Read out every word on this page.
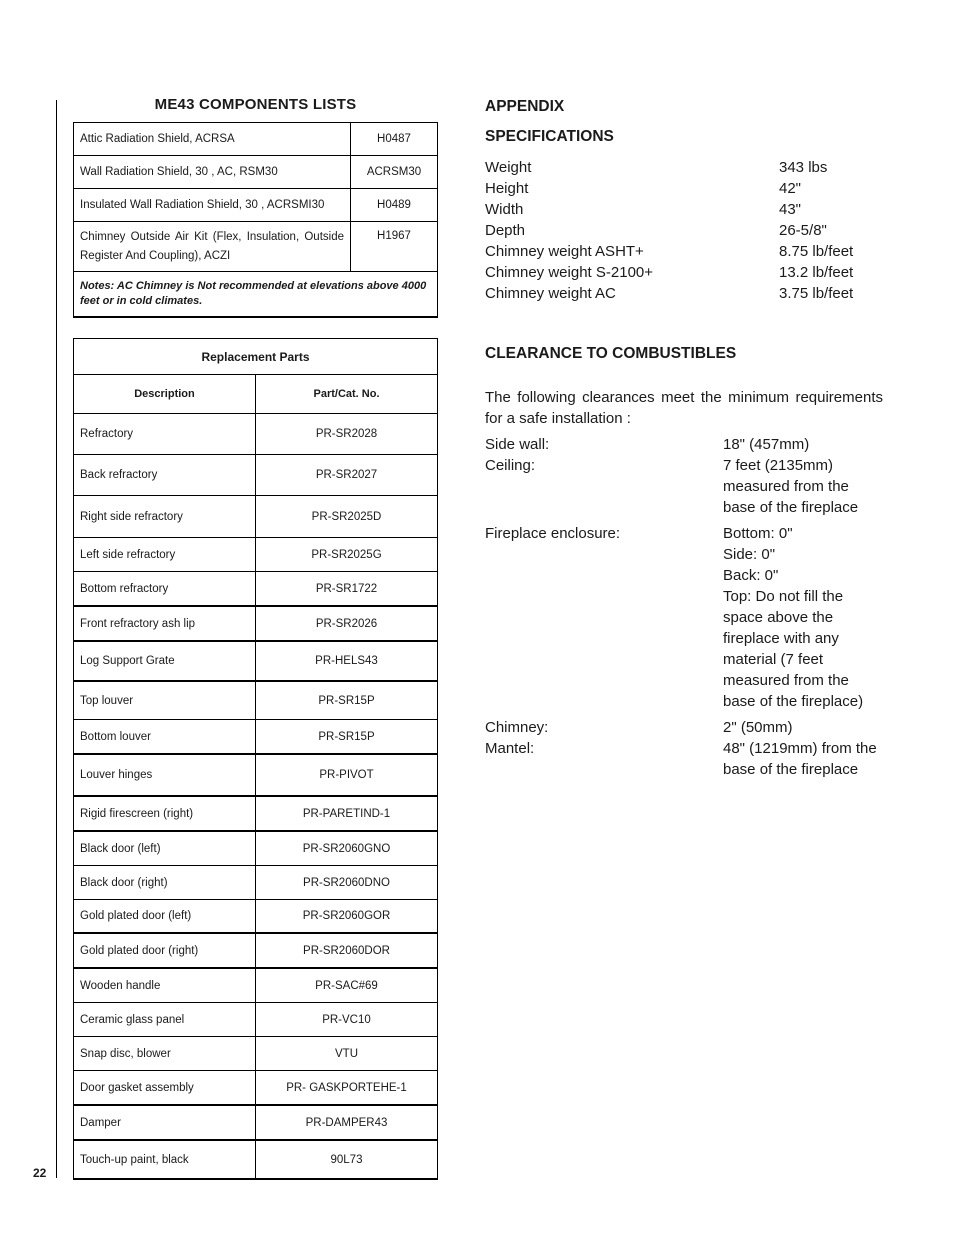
22
ME43 COMPONENTS LISTS
Attic Radiation Shield, ACRSA	H0487
Wall Radiation Shield, 30 , AC, RSM30	ACRSM30
Insulated Wall Radiation Shield, 30 , ACRSMI30	H0489
Chimney Outside Air Kit (Flex, Insulation, Outside Register And Coupling), ACZI	H1967
Notes: AC Chimney is Not recommended at elevations above 4000 feet or in cold climates.	
Replacement Parts	
Description	Part/Cat. No.
Refractory	PR-SR2028
Back refractory	PR-SR2027
Right side refractory	PR-SR2025D
Left side refractory	PR-SR2025G
Bottom refractory	PR-SR1722
Front refractory ash lip	PR-SR2026
Log Support Grate	PR-HELS43
Top louver	PR-SR15P
Bottom louver	PR-SR15P
Louver hinges	PR-PIVOT
Rigid firescreen (right)	PR-PARETIND-1
Black door (left)	PR-SR2060GNO
Black door (right)	PR-SR2060DNO
Gold plated door (left)	PR-SR2060GOR
Gold plated door (right)	PR-SR2060DOR
Wooden handle	PR-SAC#69
Ceramic glass panel	PR-VC10
Snap disc, blower	VTU
Door gasket assembly	PR- GASKPORTEHE-1
Damper	PR-DAMPER43
Touch-up paint, black	90L73
APPENDIX
SPECIFICATIONS
Weight	343 lbs
Height	42"
Width	43"
Depth	26-5/8"
Chimney weight ASHT+	8.75 lb/feet
Chimney weight S-2100+	13.2 lb/feet
Chimney weight AC	3.75 lb/feet
CLEARANCE TO COMBUSTIBLES
The following clearances meet the minimum requirements for a safe installation :
Side wall:	18" (457mm)
Ceiling:	7 feet (2135mm) measured from the base of the fireplace
Fireplace enclosure:	Bottom: 0"
Side: 0"
Back: 0"
Top: Do not fill the space above the fireplace with any material (7 feet measured from the base of the fireplace)
Chimney:	2" (50mm)
Mantel:	48" (1219mm) from the base of the fireplace
